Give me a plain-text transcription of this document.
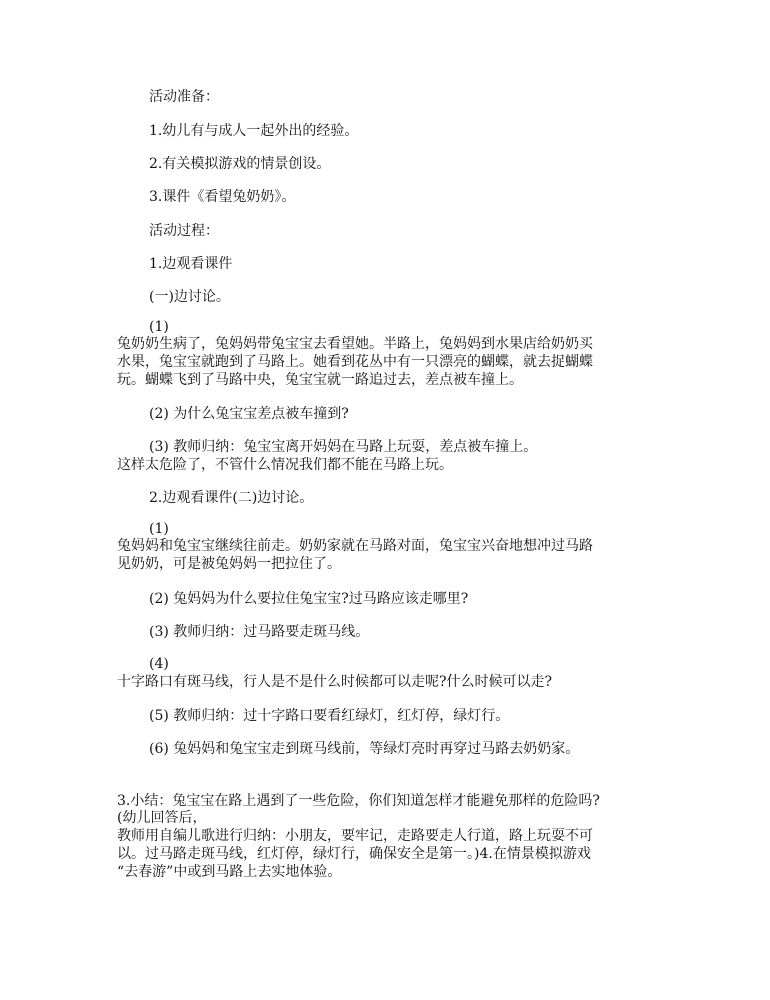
活动准备：
1.幼儿有与成人一起外出的经验。
2.有关模拟游戏的情景创设。
3.课件《看望兔奶奶》。
活动过程：
1.边观看课件
(一)边讨论。
(1)
兔奶奶生病了，兔妈妈带兔宝宝去看望她。半路上，兔妈妈到水果店给奶奶买
水果，兔宝宝就跑到了马路上。她看到花丛中有一只漂亮的蝴蝶，就去捉蝴蝶
玩。蝴蝶飞到了马路中央，兔宝宝就一路追过去，差点被车撞上。
(2) 为什么兔宝宝差点被车撞到?
(3) 教师归纳：兔宝宝离开妈妈在马路上玩耍，差点被车撞上。
这样太危险了，不管什么情况我们都不能在马路上玩。
2.边观看课件(二)边讨论。
(1)
兔妈妈和兔宝宝继续往前走。奶奶家就在马路对面，兔宝宝兴奋地想冲过马路
见奶奶，可是被兔妈妈一把拉住了。
(2) 兔妈妈为什么要拉住兔宝宝?过马路应该走哪里?
(3) 教师归纳：过马路要走斑马线。
(4)
十字路口有斑马线，行人是不是什么时候都可以走呢?什么时候可以走?
(5) 教师归纳：过十字路口要看红绿灯，红灯停，绿灯行。
(6) 兔妈妈和兔宝宝走到斑马线前，等绿灯亮时再穿过马路去奶奶家。
3.小结：兔宝宝在路上遇到了一些危险，你们知道怎样才能避免那样的危险吗?
(幼儿回答后，
教师用自编儿歌进行归纳：小朋友，要牢记，走路要走人行道，路上玩耍不可
以。过马路走斑马线，红灯停，绿灯行，确保安全是第一。)4.在情景模拟游戏
“去春游”中或到马路上去实地体验。
